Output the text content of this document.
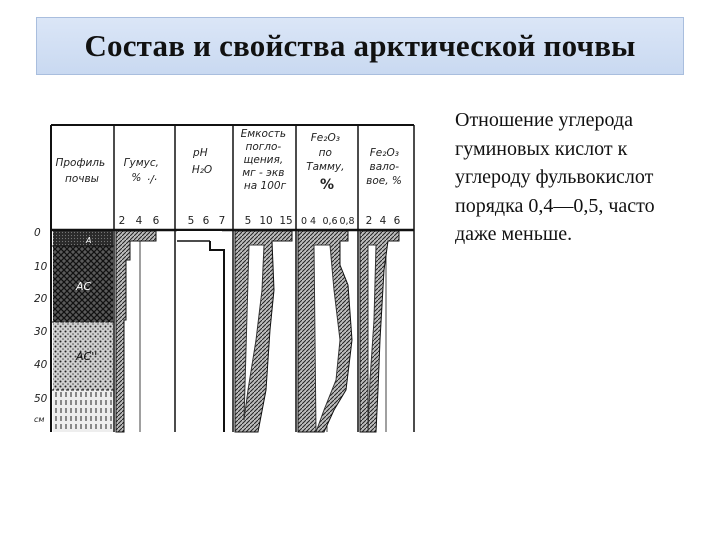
Состав и свойства арктической почвы
Профиль почвы
Гумус, % ·/·
рН H₂O
Емкость погло- щения, мг - экв на 100г
Fe₂O₃ по Тамму, %
Fe₂O₃ вало- вое, %
2 4 6	5 6 7 5 10 15 0 4 0,6 0,8 2 4 6
0
10
20
30
40
50
см
А
АС
АС''
Отношение углерода
гуминовых кислот к
углероду фульвокислот
порядка 0,4—0,5, часто
даже меньше.
